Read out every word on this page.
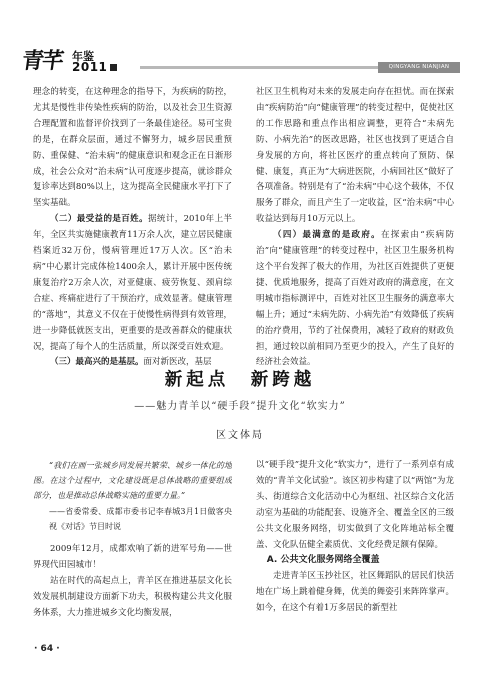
青芊 年鉴
2011	QINGYANG NIANJIAN

理念的转变，在这种理念的指导下，为疾病的防控，尤其是慢性非传染性疾病的防治，以及社会卫生资源合理配置和监督评价找到了一条最佳途径。易可宝贵的是，在群众层面，通过不懈努力，城乡居民重预防、重保健、“治未病”的健康意识和观念正在日渐形成，社会公众对“治未病”认可度逐步提高，就诊群众复诊率达到80%以上，这为提高全民健康水平打下了坚实基础。

（二）最受益的是百姓。据统计，2010年上半年，全区共实施健康教育11万余人次，建立居民健康档案近32万份，慢病管理近17万人次。区“治未病”中心累计完成体检1400余人，累计开展中医传统康复治疗2万余人次，对亚健康、疲劳恢复、颈肩综合症、疼痛症进行了干预治疗，成效显著。健康管理的“落地”，其意义不仅在于使慢性病得到有效管理，进一步降低就医支出，更重要的是改善群众的健康状况，提高了每个人的生活质量，所以深受百姓欢迎。

（三）最高兴的是基层。面对新医改，基层

社区卫生机构对未来的发展走向存在担忧。而在探索由“疾病防治”向“健康管理”的转变过程中，促使社区的工作思路和重点作出相应调整，更符合“未病先防、小病先治”的医改思路，社区也找到了更适合自身发展的方向，将社区医疗的重点转向了预防、保健、康复，真正为“大病进医院，小病回社区”做好了各项准备。特别是有了“治未病”中心这个载体，不仅服务了群众，而且产生了一定收益，区“治未病”中心收益达到每月10万元以上。

（四）最满意的是政府。在探索由“疾病防治”向“健康管理”的转变过程中，社区卫生服务机构这个平台发挥了极大的作用，为社区百姓提供了更便捷、优质地服务，提高了百姓对政府的满意度，在文明城市指标测评中，百姓对社区卫生服务的满意率大幅上升；通过“未病先防、小病先治”有效降低了疾病的治疗费用，节约了社保费用，减轻了政府的财政负担，通过较以前相同乃至更少的投入，产生了良好的经济社会效益。

新起点　新跨越
——魅力青羊以“硬手段”提升文化“软实力”
区文体局

“我们在画一张城乡同发展共繁荣、城乡一体化的地图。在这个过程中，文化建设既是总体战略的重要组成部分，也是推动总体战略实施的重要力量。”

——省委常委、成都市委书记李春城3月1日做客央视《对话》节目时说

2009年12月，成都欢响了新的进军号角——世界现代田园城市！

站在时代的高起点上，青羊区在推进基层文化长效发展机制建设方面新下功夫，积极构建公共文化服务体系，大力推进城乡文化均衡发展，

以“硬手段”提升文化“软实力”，进行了一系列卓有成效的“青羊文化试验”。该区初步构建了以“两馆”为龙头、街道综合文化活动中心为枢纽、社区综合文化活动室为基础的功能配套、设施齐全、覆盖全区的三级公共文化服务网络，切实做到了文化阵地站标全覆盖、文化队伍健全素质优、文化经费足额有保障。

A. 公共文化服务网络全覆盖

走进青羊区玉抄社区，社区舞蹈队的居民们快活地在广场上跳着健身舞，优美的舞姿引来阵阵掌声。如今，在这个有着1万多居民的新型社

· 64 ·
